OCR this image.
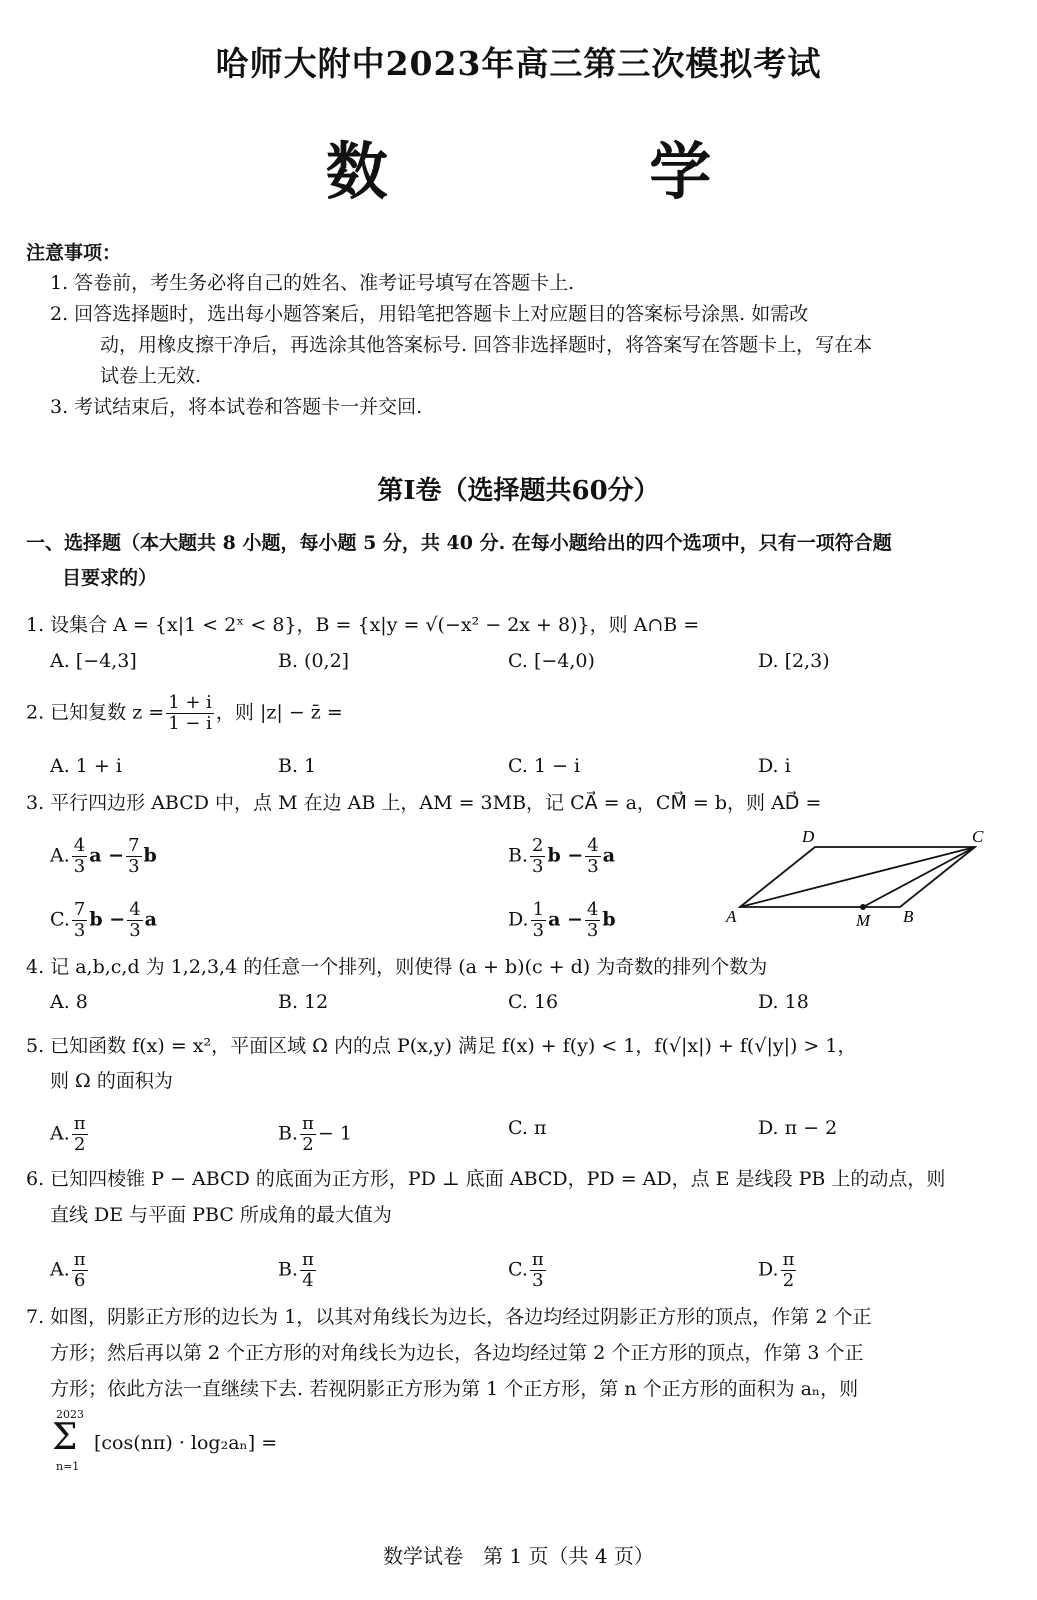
哈师大附中2023年高三第三次模拟考试
数 学
注意事项：
1. 答卷前，考生务必将自己的姓名、准考证号填写在答题卡上.
2. 回答选择题时，选出每小题答案后，用铅笔把答题卡上对应题目的答案标号涂黑. 如需改
动，用橡皮擦干净后，再选涂其他答案标号. 回答非选择题时，将答案写在答题卡上，写在本
试卷上无效.
3. 考试结束后，将本试卷和答题卡一并交回.
第Ⅰ卷（选择题共60分）
一、选择题（本大题共 8 小题，每小题 5 分，共 40 分. 在每小题给出的四个选项中，只有一项符合题
目要求的）
1. 设集合 A = {x|1 < 2ˣ < 8}，B = {x|y = √(−x² − 2x + 8)}，则 A∩B =
A. [−4,3]	B. (0,2]	C. [−4,0)	D. [2,3)
2. 已知复数 $z = \frac{1 + i}{1 - i}$ ，则 |z| − z̄ =
A. 1 + i	B. 1	C. 1 − i	D. i
3. 平行四边形 ABCD 中，点 M 在边 AB 上，AM = 3MB，记 CA⃗ = a，CM⃗ = b，则 AD⃗ =
A. $\frac{4}{3}$ $a - \frac{7}{3}$ b	B. $\frac{2}{3}$ $b - \frac{4}{3}$ a
C. $\frac{7}{3}$ $b - \frac{4}{3}$ a	D. $\frac{1}{3}$ $a - \frac{4}{3}$ b
D	C
A	M B
4. 记 a,b,c,d 为 1,2,3,4 的任意一个排列，则使得 (a + b)(c + d) 为奇数的排列个数为
A. 8	B. 12	C. 16	D. 18
5. 已知函数 f(x) = x²，平面区域 Ω 内的点 P(x,y) 满足 f(x) + f(y) < 1，f(√|x|) + f(√|y|) > 1，
则 Ω 的面积为
A. $\frac{\pi}{2}$	B. $\frac{\pi}{2} - 1$	C. π	D. π − 2
6. 已知四棱锥 P − ABCD 的底面为正方形，PD ⊥ 底面 ABCD，PD = AD，点 E 是线段 PB 上的动点，则
直线 DE 与平面 PBC 所成角的最大值为
A. $\frac{\pi}{6}$	B. $\frac{\pi}{4}$	C. $\frac{\pi}{3}$	D. $\frac{\pi}{2}$
7. 如图，阴影正方形的边长为 1，以其对角线长为边长，各边均经过阴影正方形的顶点，作第 2 个正
方形；然后再以第 2 个正方形的对角线长为边长，各边均经过第 2 个正方形的顶点，作第 3 个正
方形；依此方法一直继续下去. 若视阴影正方形为第 1 个正方形，第 n 个正方形的面积为 aₙ，则
2023
Σ
n=1
[cos(nπ) · log₂aₙ] =
数学试卷　第 1 页（共 4 页）
